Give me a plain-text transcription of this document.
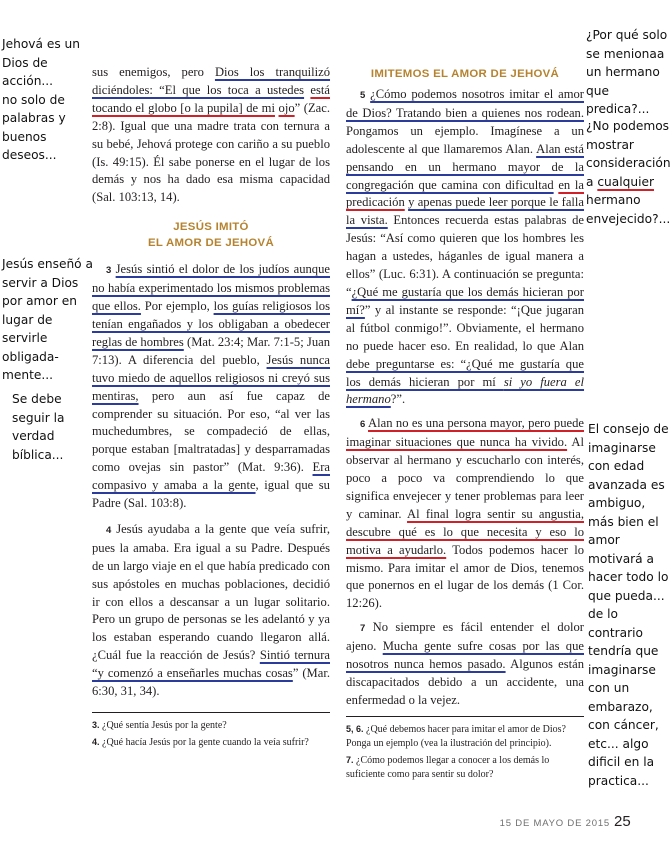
Jehová es un
Dios de acción...
no solo de
palabras y
buenos
deseos...
Jesús enseñó a
servir a Dios
por amor en
lugar de
servirle
obligada-
mente...
Se debe
seguir la
verdad
bíblica...
¿Por qué solo
se menionaa
un hermano
que
predica?...
¿No podemos
mostrar
consideración
a cualquier
hermano
envejecido?...
El consejo de
imaginarse
con edad
avanzada es
ambiguo,
más bien el
amor
motivará a
hacer todo lo
que pueda...
de lo
contrario
tendría que
imaginarse
con un
embarazo,
con cáncer,
etc... algo
dificil en la
practica...

sus enemigos, pero Dios los tranquilizó diciéndoles: “El que los toca a ustedes está tocando el globo [o la pupila] de mi ojo” (Zac. 2:8). Igual que una madre trata con ternura a su bebé, Jehová protege con cariño a su pueblo (Is. 49:15). Él sabe ponerse en el lugar de los demás y nos ha dado esa misma capacidad (Sal. 103:13, 14).

JESÚS IMITÓ
EL AMOR DE JEHOVÁ

3 Jesús sintió el dolor de los judíos aunque no había experimentado los mismos problemas que ellos. Por ejemplo, los guías religiosos los tenían engañados y los obligaban a obedecer reglas de hombres (Mat. 23:4; Mar. 7:1-5; Juan 7:13). A diferencia del pueblo, Jesús nunca tuvo miedo de aquellos religiosos ni creyó sus mentiras, pero aun así fue capaz de comprender su situación. Por eso, “al ver las muchedumbres, se compadeció de ellas, porque estaban [maltratadas] y desparramadas como ovejas sin pastor” (Mat. 9:36). Era compasivo y amaba a la gente, igual que su Padre (Sal. 103:8).

4 Jesús ayudaba a la gente que veía sufrir, pues la amaba. Era igual a su Padre. Después de un largo viaje en el que había predicado con sus apóstoles en muchas poblaciones, decidió ir con ellos a descansar a un lugar solitario. Pero un grupo de personas se les adelantó y ya los estaban esperando cuando llegaron allá. ¿Cuál fue la reacción de Jesús? Sintió ternura “y comenzó a enseñarles muchas cosas” (Mar. 6:30, 31, 34).

3. ¿Qué sentía Jesús por la gente?
4. ¿Qué hacía Jesús por la gente cuando la veía sufrir?
IMITEMOS EL AMOR DE JEHOVÁ

5 ¿Cómo podemos nosotros imitar el amor de Dios? Tratando bien a quienes nos rodean. Pongamos un ejemplo. Imagínese a un adolescente al que llamaremos Alan. Alan está pensando en un hermano mayor de la congregación que camina con dificultad en la predicación y apenas puede leer porque le falla la vista. Entonces recuerda estas palabras de Jesús: “Así como quieren que los hombres les hagan a ustedes, háganles de igual manera a ellos” (Luc. 6:31). A continuación se pregunta: “¿Qué me gustaría que los demás hicieran por mí?” y al instante se responde: “¡Que jugaran al fútbol conmigo!”. Obviamente, el hermano no puede hacer eso. En realidad, lo que Alan debe preguntarse es: “¿Qué me gustaría que los demás hicieran por mí si yo fuera el hermano?”.

6 Alan no es una persona mayor, pero puede imaginar situaciones que nunca ha vivido. Al observar al hermano y escucharlo con interés, poco a poco va comprendiendo lo que significa envejecer y tener problemas para leer y caminar. Al final logra sentir su angustia, descubre qué es lo que necesita y eso lo motiva a ayudarlo. Todos podemos hacer lo mismo. Para imitar el amor de Dios, tenemos que ponernos en el lugar de los demás (1 Cor. 12:26).

7 No siempre es fácil entender el dolor ajeno. Mucha gente sufre cosas por las que nosotros nunca hemos pasado. Algunos están discapacitados debido a un accidente, una enfermedad o la vejez.

5, 6. ¿Qué debemos hacer para imitar el amor de Dios? Ponga un ejemplo (vea la ilustración del principio).
7. ¿Cómo podemos llegar a conocer a los demás lo suficiente como para sentir su dolor?
15 DE MAYO DE 2015 25
